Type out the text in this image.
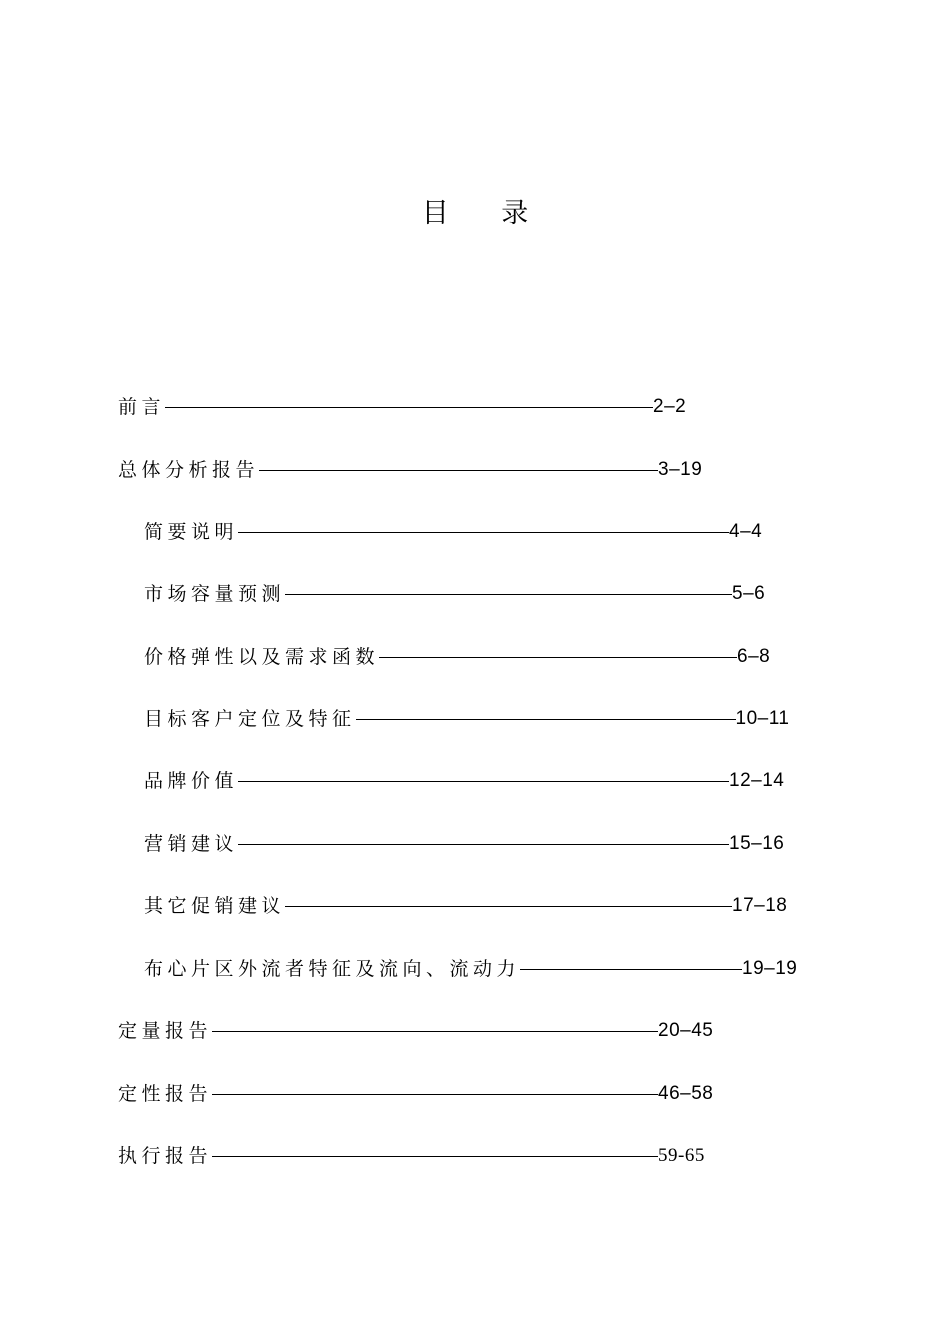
目 录
前言	2–2
总体分析报告	3–19
简要说明	4–4
市场容量预测	5–6
价格弹性以及需求函数	6–8
目标客户定位及特征	10–11
品牌价值	12–14
营销建议	15–16
其它促销建议	17–18
布心片区外流者特征及流向、流动力	19–19
定量报告	20–45
定性报告	46–58
执行报告	59-65
